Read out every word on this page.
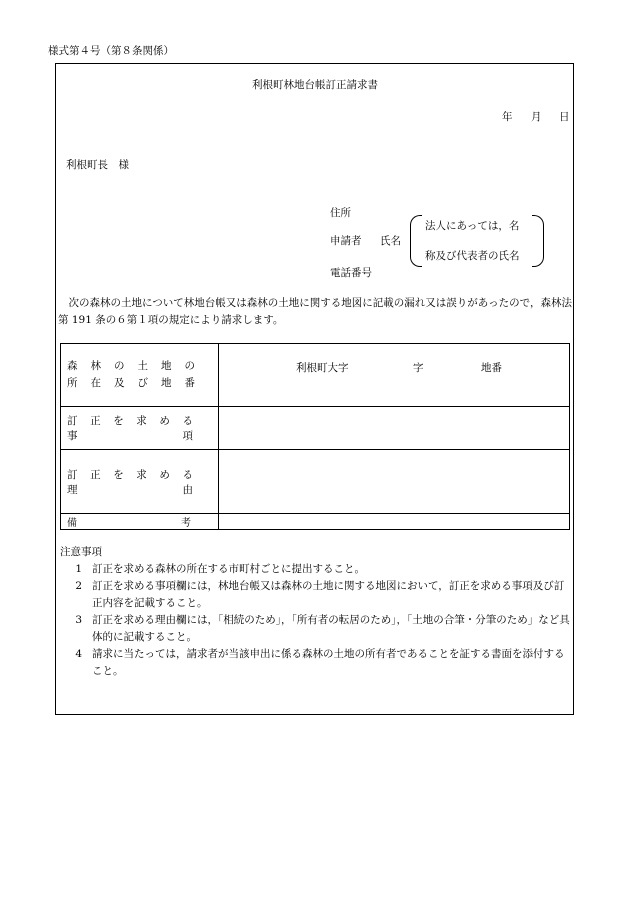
様式第４号（第８条関係）
利根町林地台帳訂正請求書
年 月 日
利根町長　様
住所
申請者 氏名
電話番号
法人にあっては，名
称及び代表者の氏名
次の森林の土地について林地台帳又は森林の土地に関する地図に記載の漏れ又は誤りがあったので，森林法第 191 条の６第１項の規定により請求します。
森 林 の 土 地 の
所 在 及 び 地 番	利根町大字 字 地番

訂 正 を 求 め る 事 項	

訂 正 を 求 め る 理 由	

備 考	

注意事項
1 訂正を求める森林の所在する市町村ごとに提出すること。
2 訂正を求める事項欄には，林地台帳又は森林の土地に関する地図において，訂正を求める事項及び訂正内容を記載すること。
3 訂正を求める理由欄には，「相続のため」，「所有者の転居のため」，「土地の合筆・分筆のため」など具体的に記載すること。
4 請求に当たっては，請求者が当該申出に係る森林の土地の所有者であることを証する書面を添付すること。
